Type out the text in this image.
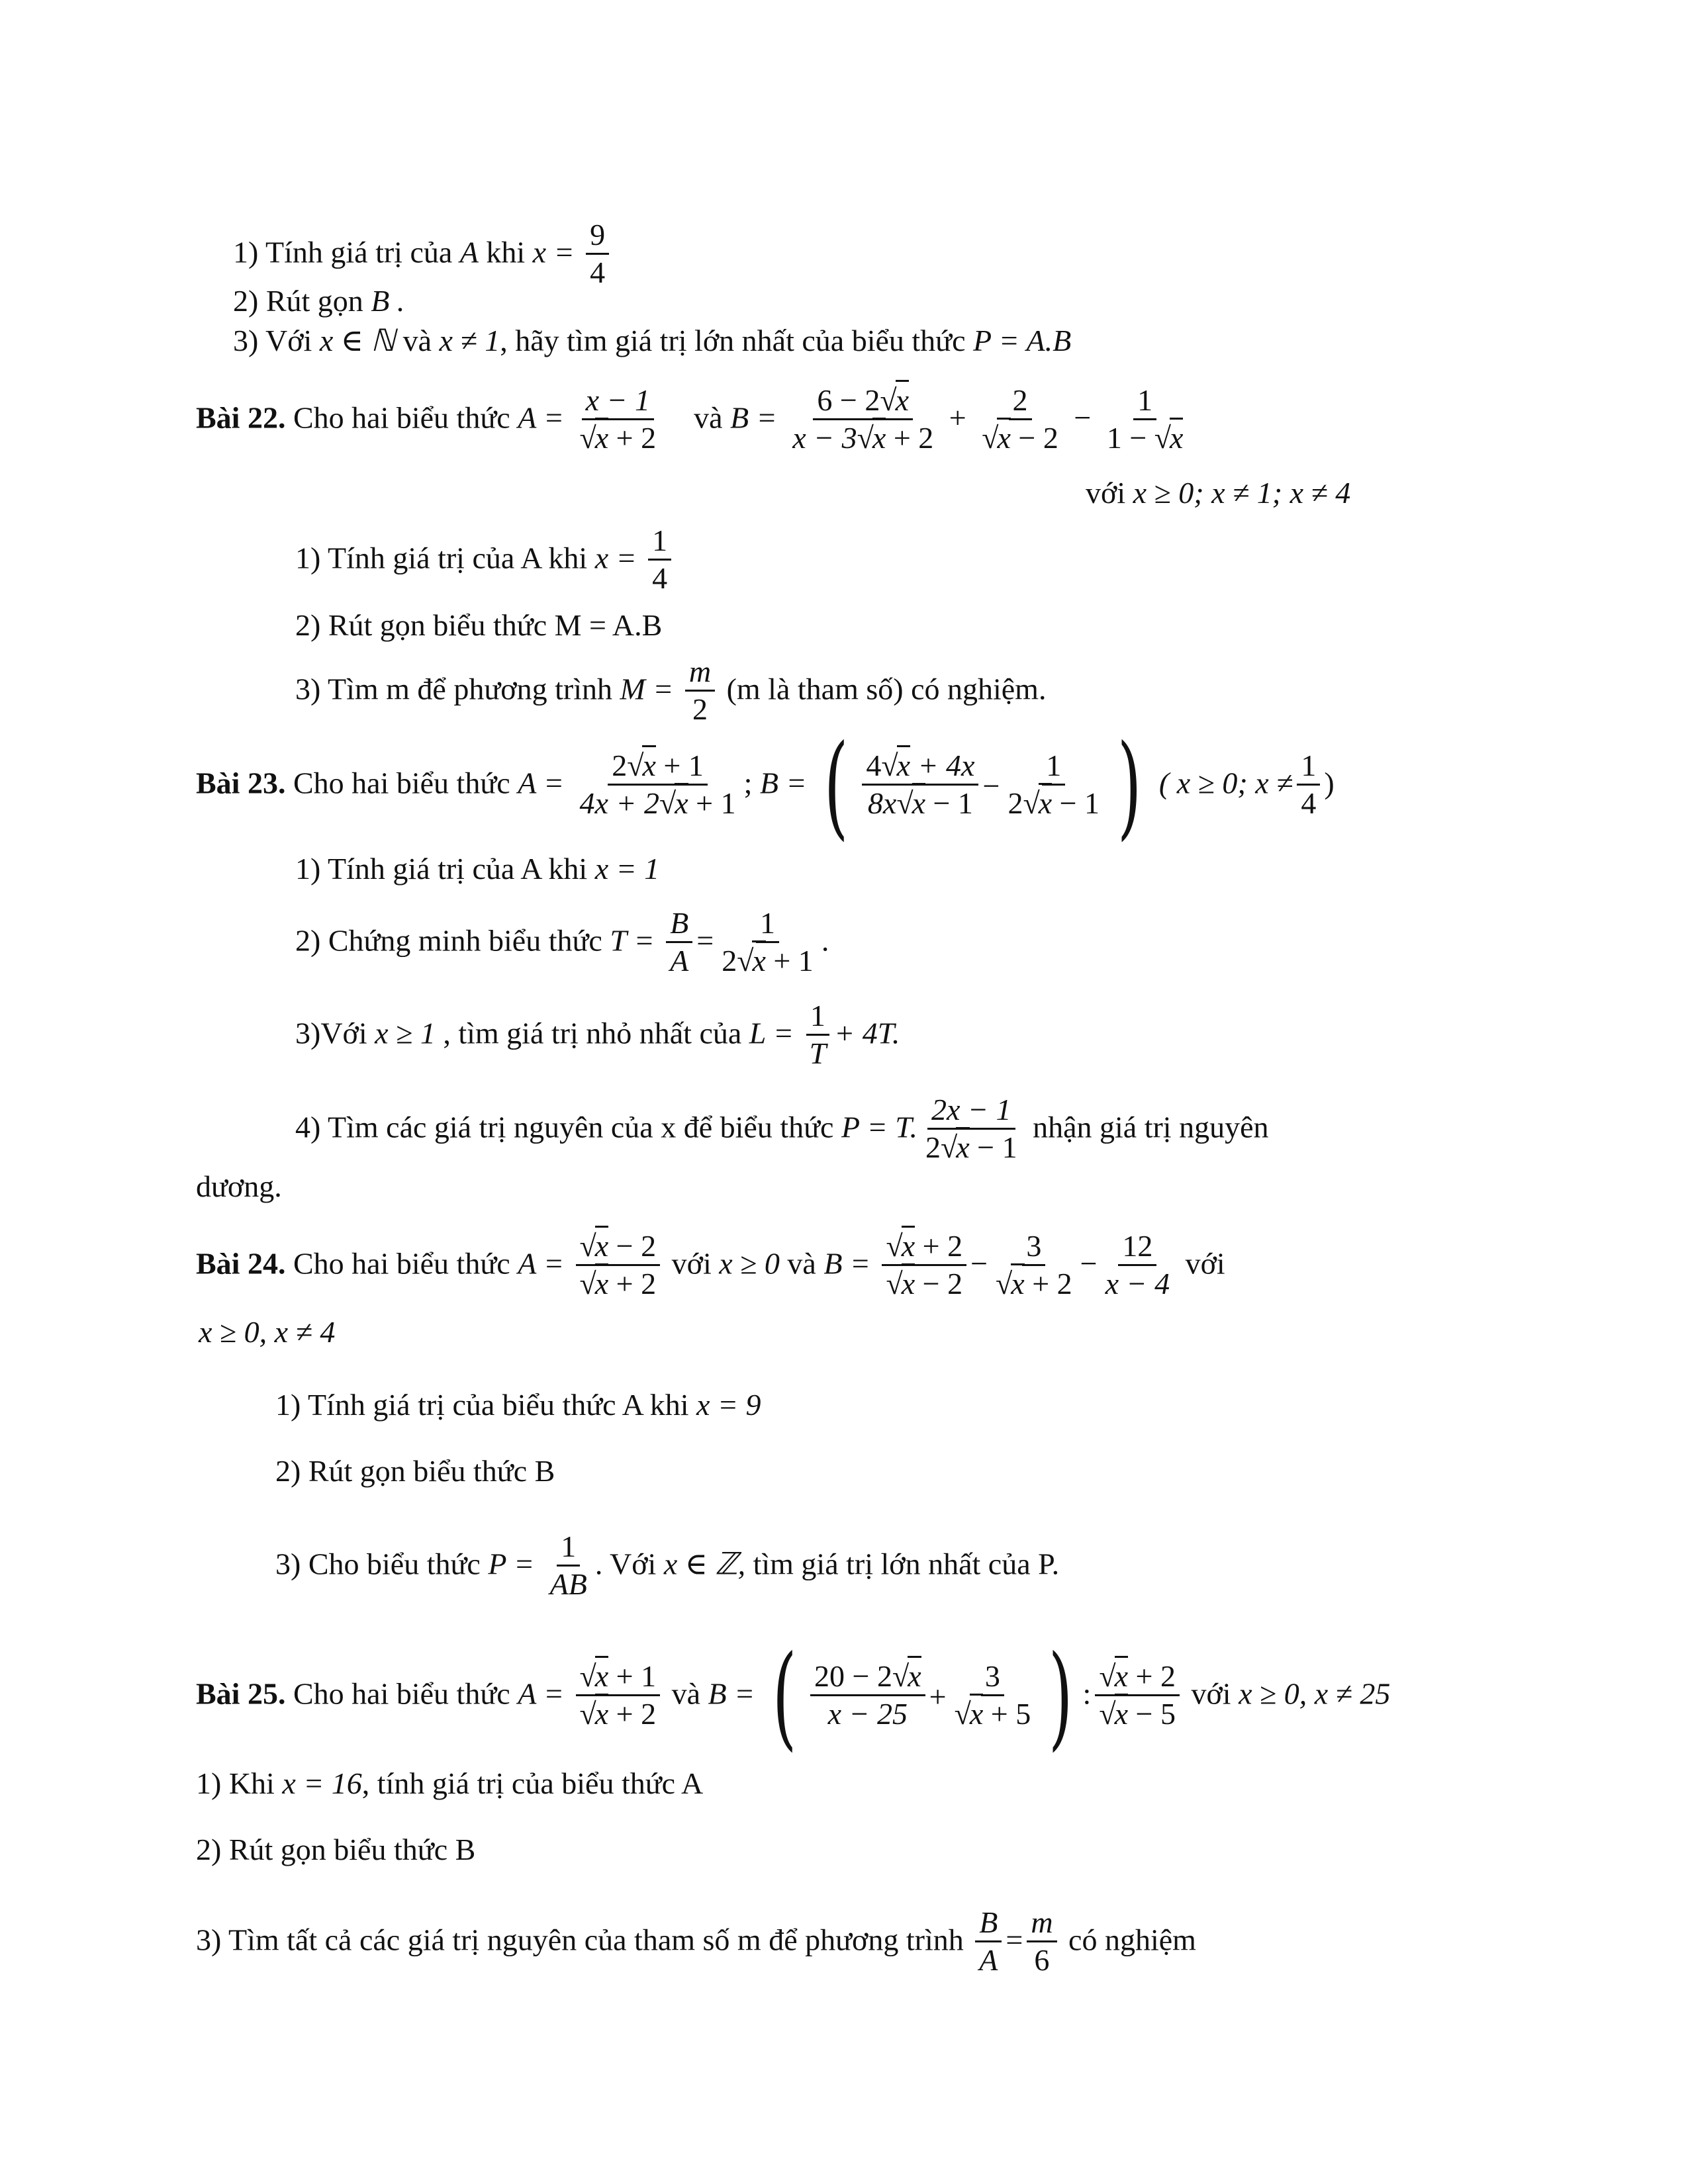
1) Tính giá trị của A khi $x = \frac{9}{4}$
2) Rút gọn B .
3) Với x ∈ ℕ và x ≠ 1, hãy tìm giá trị lớn nhất của biểu thức P = A.B
Bài 22. Cho hai biểu thức $A = \frac{x - 1}{√x + 2}$ và $B = \frac{6 - 2√x}{x - 3√x + 2} + \frac{2}{√x - 2} - \frac{1}{1 - √x}$
với x ≥ 0; x ≠ 1; x ≠ 4
1) Tính giá trị của A khi $x = \frac{1}{4}$
2) Rút gọn biểu thức M = A.B
3) Tìm m để phương trình $M = \frac{m}{2} (m$ là tham số) có nghiệm.
Bài 23. Cho hai biểu thức $A = \frac{2√x + 1}{4x + 2√x + 1}$ ; B = ( $\frac{4√x + 4x}{8x√x - 1} - \frac{1}{2√x - 1}$ ) ( x ≥ 0; $x \ne \frac{1}{4}$ )
1) Tính giá trị của A khi x = 1
2) Chứng minh biểu thức $T = \frac{B}{A} = \frac{1}{2√x + 1}$ .
3)Với x ≥ 1 , tìm giá trị nhỏ nhất của $L = \frac{1}{T} + 4T$.
4) Tìm các giá trị nguyên của x để biểu thức P = T. $\frac{2x - 1}{2√x - 1}$ nhận giá trị nguyên
dương.
Bài 24. Cho hai biểu thức $A = \frac{√x - 2}{√x + 2}$ với x ≥ 0 và $B = \frac{√x + 2}{√x - 2} - \frac{3}{√x + 2} - \frac{12}{x - 4}$ với
x ≥ 0, x ≠ 4
1) Tính giá trị của biểu thức A khi x = 9
2) Rút gọn biểu thức B
3) Cho biểu thức $P = \frac{1}{AB}$ . Với x ∈ ℤ, tìm giá trị lớn nhất của P.
Bài 25. Cho hai biểu thức $A = \frac{√x + 1}{√x + 2}$ và B = ( $\frac{20 - 2√x}{x - 25} + \frac{3}{√x + 5}$ ) : $\frac{√x + 2}{√x - 5}$ với x ≥ 0, x ≠ 25
1) Khi x = 16, tính giá trị của biểu thức A
2) Rút gọn biểu thức B
3) Tìm tất cả các giá trị nguyên của tham số m để phương trình $\frac{B}{A} = \frac{m}{6}$ có nghiệm
